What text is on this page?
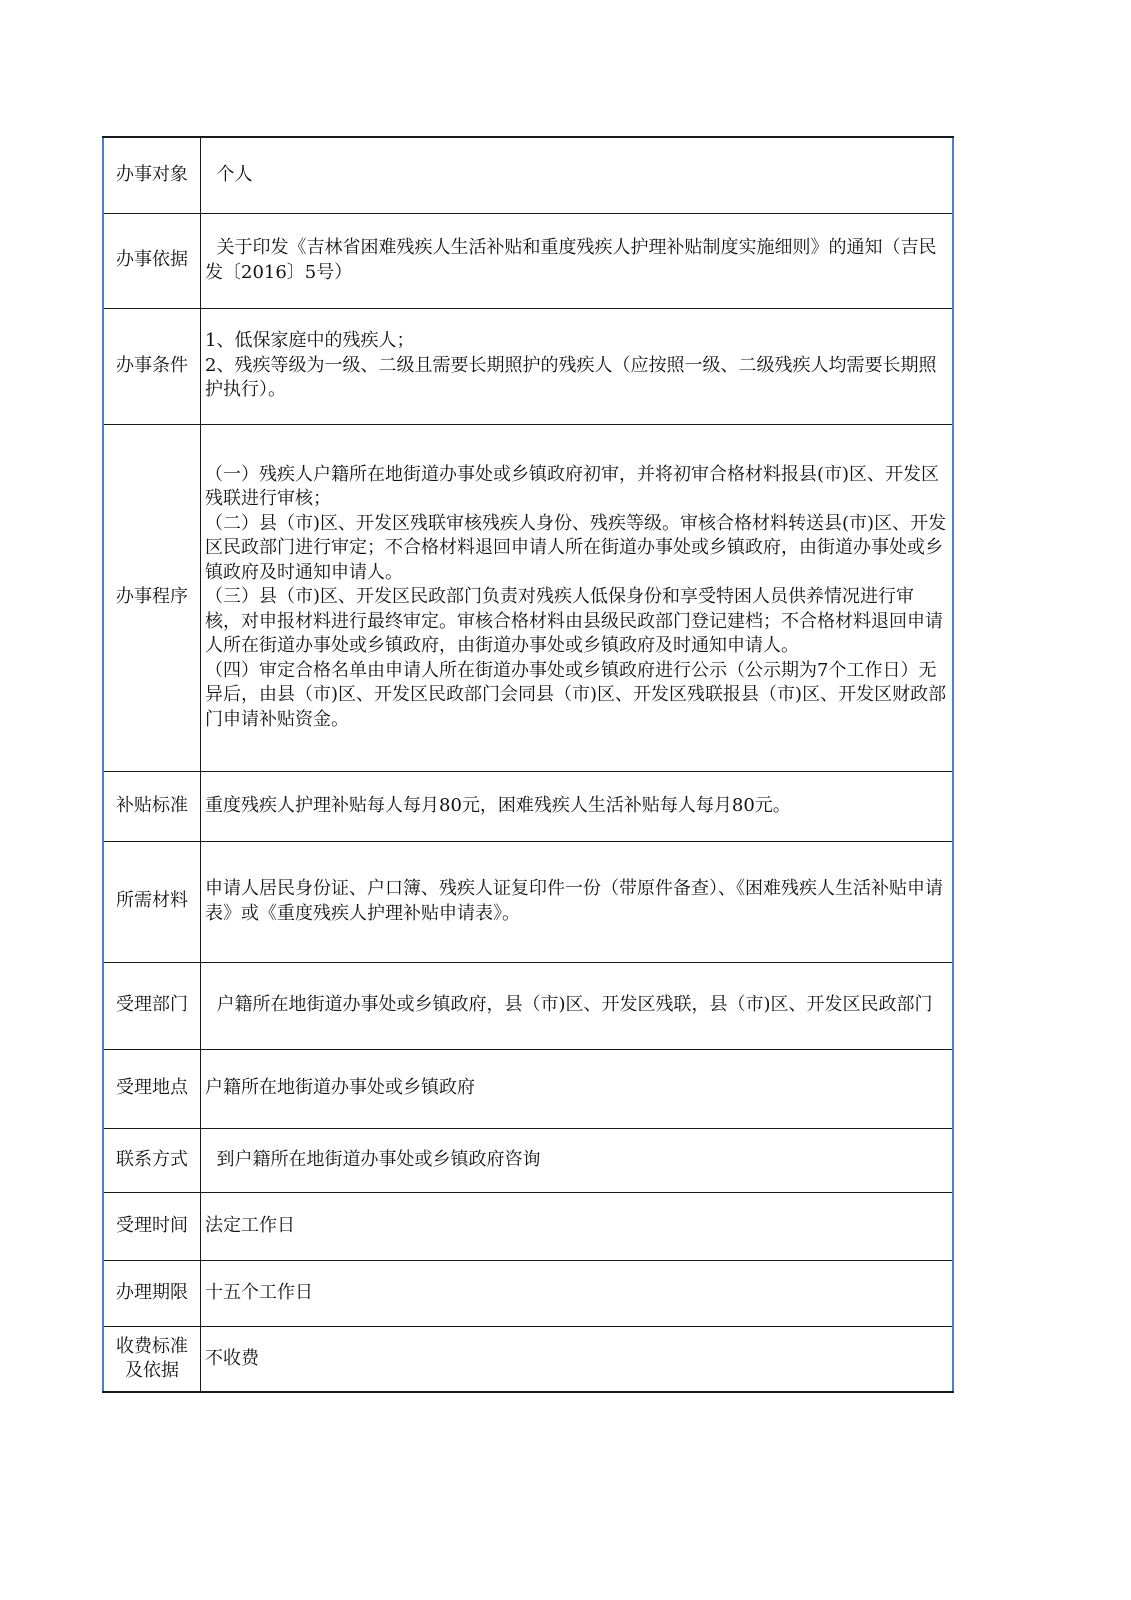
办事对象	个人
办事依据	关于印发《吉林省困难残疾人生活补贴和重度残疾人护理补贴制度实施细则》的通知（吉民发〔2016〕5号）
办事条件	1、低保家庭中的残疾人；
2、残疾等级为一级、二级且需要长期照护的残疾人（应按照一级、二级残疾人均需要长期照护执行）。

办事程序	（一）残疾人户籍所在地街道办事处或乡镇政府初审，并将初审合格材料报县(市)区、开发区残联进行审核；
（二）县（市)区、开发区残联审核残疾人身份、残疾等级。审核合格材料转送县(市)区、开发区民政部门进行审定；不合格材料退回申请人所在街道办事处或乡镇政府，由街道办事处或乡镇政府及时通知申请人。
（三）县（市)区、开发区民政部门负责对残疾人低保身份和享受特困人员供养情况进行审核，对申报材料进行最终审定。审核合格材料由县级民政部门登记建档；不合格材料退回申请人所在街道办事处或乡镇政府，由街道办事处或乡镇政府及时通知申请人。
（四）审定合格名单由申请人所在街道办事处或乡镇政府进行公示（公示期为7个工作日）无异后，由县（市)区、开发区民政部门会同县（市)区、开发区残联报县（市)区、开发区财政部门申请补贴资金。

补贴标准	重度残疾人护理补贴每人每月80元，困难残疾人生活补贴每人每月80元。
所需材料	申请人居民身份证、户口簿、残疾人证复印件一份（带原件备查）、《困难残疾人生活补贴申请表》或《重度残疾人护理补贴申请表》。
受理部门	户籍所在地街道办事处或乡镇政府，县（市)区、开发区残联，县（市)区、开发区民政部门
受理地点	户籍所在地街道办事处或乡镇政府
联系方式	到户籍所在地街道办事处或乡镇政府咨询
受理时间	法定工作日
办理期限	十五个工作日

收费标准
及依据	不收费
